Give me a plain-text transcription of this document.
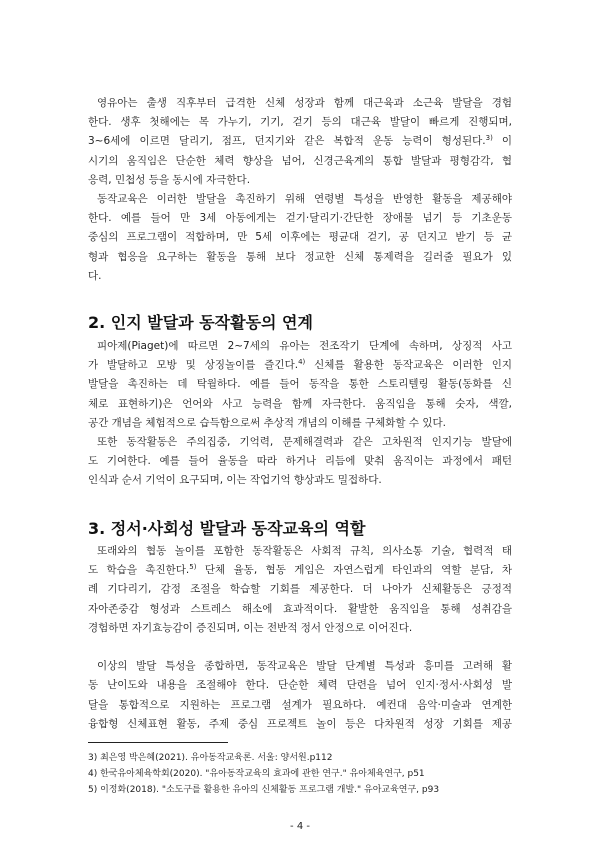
영유아는 출생 직후부터 급격한 신체 성장과 함께 대근육과 소근육 발달을 경험
한다. 생후 첫해에는 목 가누기, 기기, 걷기 등의 대근육 발달이 빠르게 진행되며,
3~6세에 이르면 달리기, 점프, 던지기와 같은 복합적 운동 능력이 형성된다.$^{3)}$ 이
시기의 움직임은 단순한 체력 향상을 넘어, 신경근육계의 통합 발달과 평형감각, 협
응력, 민첩성 등을 동시에 자극한다.
동작교육은 이러한 발달을 촉진하기 위해 연령별 특성을 반영한 활동을 제공해야
한다. 예를 들어 만 3세 아동에게는 걷기·달리기·간단한 장애물 넘기 등 기초운동
중심의 프로그램이 적합하며, 만 5세 이후에는 평균대 걷기, 공 던지고 받기 등 균
형과 협응을 요구하는 활동을 통해 보다 정교한 신체 통제력을 길러줄 필요가 있
다.
2. 인지 발달과 동작활동의 연계
피아제(Piaget)에 따르면 2~7세의 유아는 전조작기 단계에 속하며, 상징적 사고
가 발달하고 모방 및 상징놀이를 즐긴다.$^{4)}$ 신체를 활용한 동작교육은 이러한 인지
발달을 촉진하는 데 탁월하다. 예를 들어 동작을 통한 스토리텔링 활동(동화를 신
체로 표현하기)은 언어와 사고 능력을 함께 자극한다. 움직임을 통해 숫자, 색깔,
공간 개념을 체험적으로 습득함으로써 추상적 개념의 이해를 구체화할 수 있다.
또한 동작활동은 주의집중, 기억력, 문제해결력과 같은 고차원적 인지기능 발달에
도 기여한다. 예를 들어 율동을 따라 하거나 리듬에 맞춰 움직이는 과정에서 패턴
인식과 순서 기억이 요구되며, 이는 작업기억 향상과도 밀접하다.
3. 정서·사회성 발달과 동작교육의 역할
또래와의 협동 놀이를 포함한 동작활동은 사회적 규칙, 의사소통 기술, 협력적 태
도 학습을 촉진한다.$^{5)}$ 단체 율동, 협동 게임은 자연스럽게 타인과의 역할 분담, 차
례 기다리기, 감정 조절을 학습할 기회를 제공한다. 더 나아가 신체활동은 긍정적
자아존중감 형성과 스트레스 해소에 효과적이다. 활발한 움직임을 통해 성취감을
경험하면 자기효능감이 증진되며, 이는 전반적 정서 안정으로 이어진다.
이상의 발달 특성을 종합하면, 동작교육은 발달 단계별 특성과 흥미를 고려해 활
동 난이도와 내용을 조절해야 한다. 단순한 체력 단련을 넘어 인지·정서·사회성 발
달을 통합적으로 지원하는 프로그램 설계가 필요하다. 예컨대 음악·미술과 연계한
융합형 신체표현 활동, 주제 중심 프로젝트 놀이 등은 다차원적 성장 기회를 제공
3) 최은영 박은혜(2021). 유아동작교육론. 서울: 양서원.p112
4) 한국유아체육학회(2020). "유아동작교육의 효과에 관한 연구." 유아체육연구, p51
5) 이정화(2018). "소도구를 활용한 유아의 신체활동 프로그램 개발." 유아교육연구, p93
- 4 -
